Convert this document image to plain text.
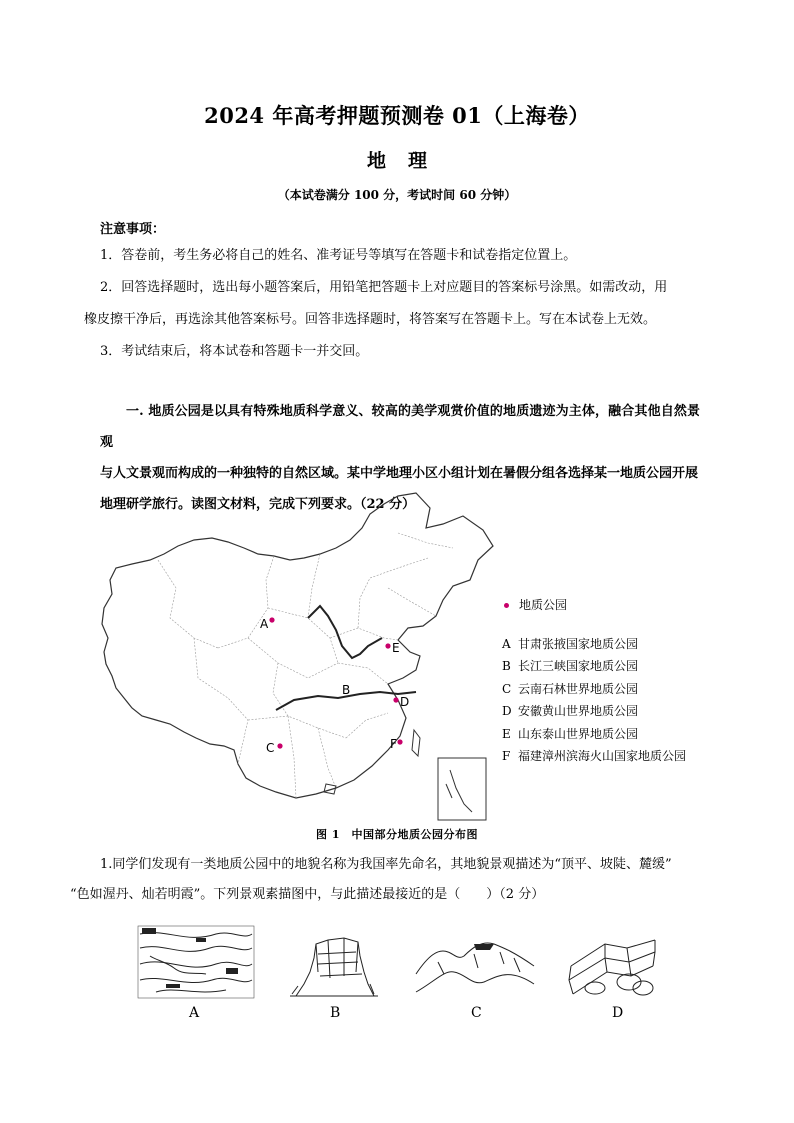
2024 年高考押题预测卷 01（上海卷）
地理
（本试卷满分 100 分，考试时间 60 分钟）
注意事项：

1．答卷前，考生务必将自己的姓名、准考证号等填写在答题卡和试卷指定位置上。

2．回答选择题时，选出每小题答案后，用铅笔把答题卡上对应题目的答案标号涂黑。如需改动，用

橡皮擦干净后，再选涂其他答案标号。回答非选择题时，将答案写在答题卡上。写在本试卷上无效。

3．考试结束后，将本试卷和答题卡一并交回。

一. 地质公园是以具有特殊地质科学意义、较高的美学观赏价值的地质遗迹为主体，融合其他自然景观

与人文景观而构成的一种独特的自然区域。某中学地理小区小组计划在暑假分组各选择某一地质公园开展

地理研学旅行。读图文材料，完成下列要求。（22 分）

A
B
C
D
E
F
地质公园
A 甘肃张掖国家地质公园
B 长江三峡国家地质公园
C 云南石林世界地质公园
D 安徽黄山世界地质公园
E 山东泰山世界地质公园
F 福建漳州滨海火山国家地质公园
图 1　中国部分地质公园分布图

1.同学们发现有一类地质公园中的地貌名称为我国率先命名，其地貌景观描述为“顶平、坡陡、麓缓”

“色如渥丹、灿若明霞”。下列景观素描图中，与此描述最接近的是（　　）（2 分）

A	B	C	D
